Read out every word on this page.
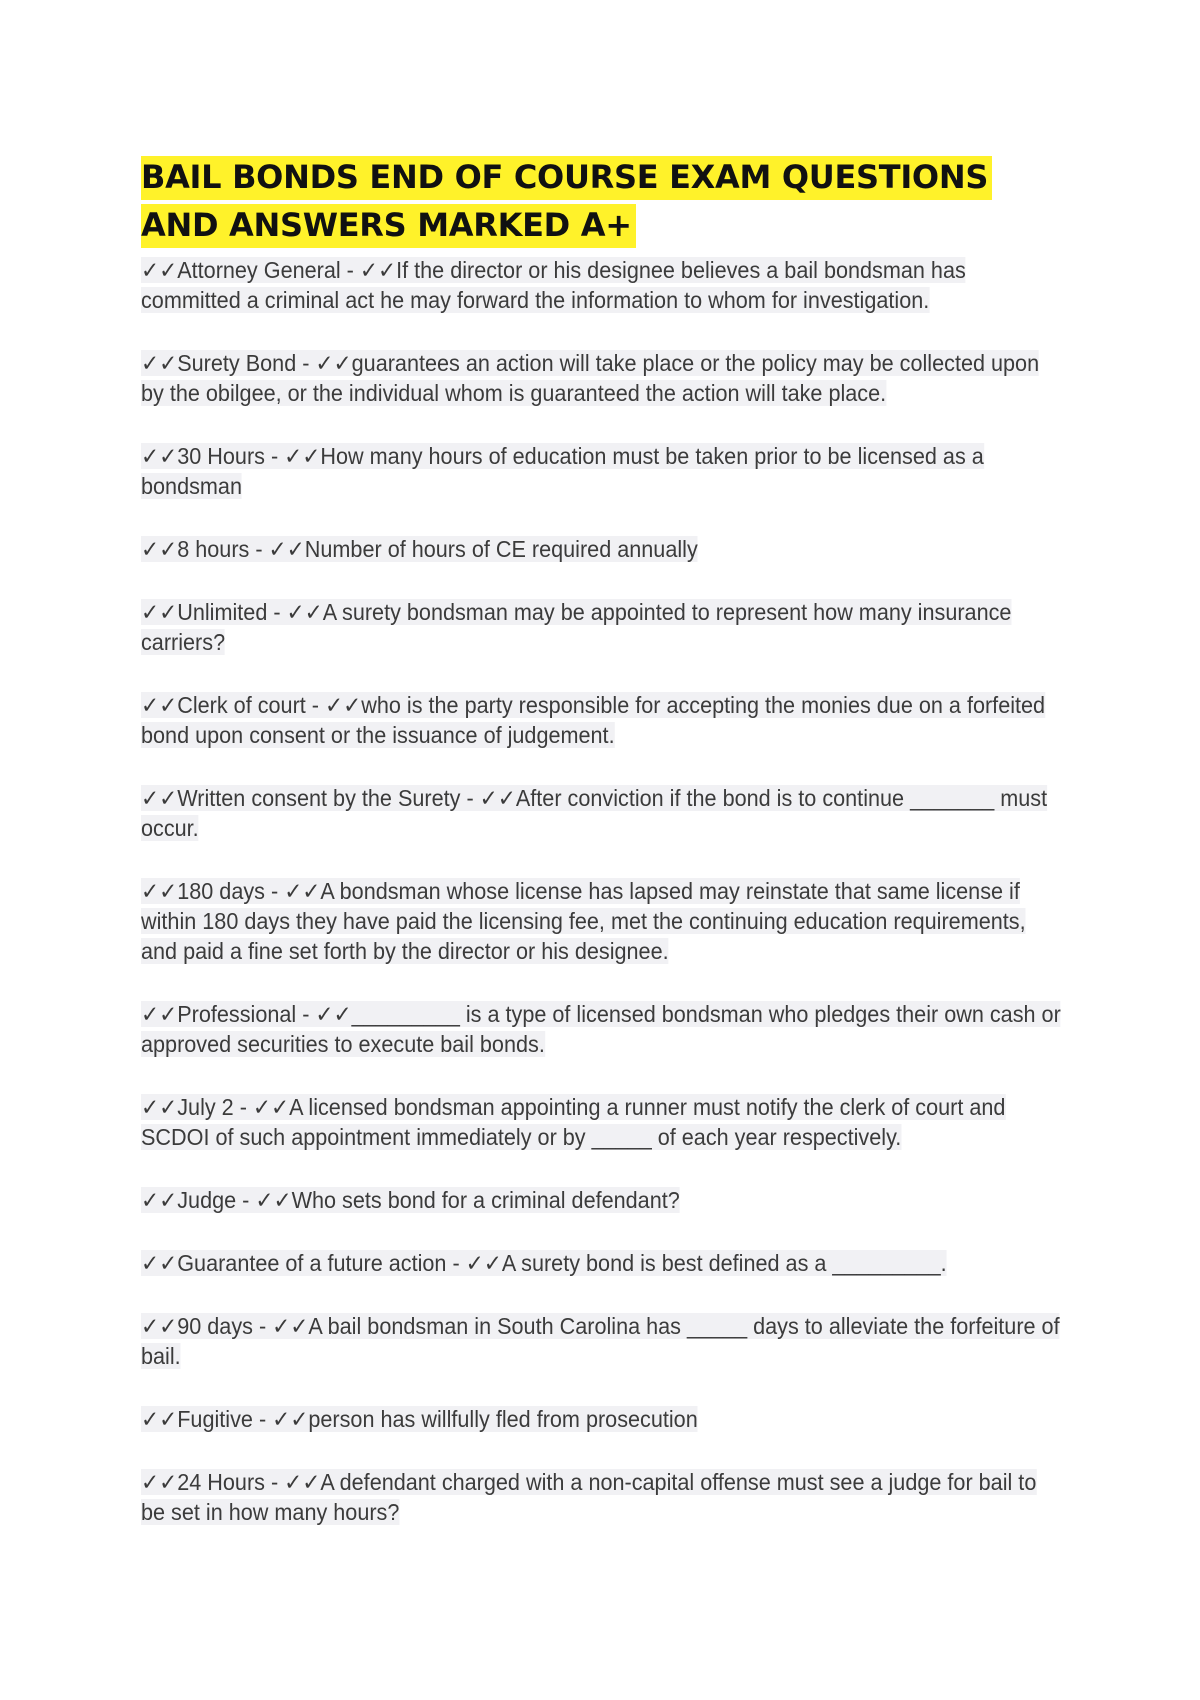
BAIL BONDS END OF COURSE EXAM QUESTIONS AND ANSWERS MARKED A+
✓✓Attorney General - ✓✓If the director or his designee believes a bail bondsman has committed a criminal act he may forward the information to whom for investigation.
✓✓Surety Bond - ✓✓guarantees an action will take place or the policy may be collected upon by the obilgee, or the individual whom is guaranteed the action will take place.
✓✓30 Hours - ✓✓How many hours of education must be taken prior to be licensed as a bondsman
✓✓8 hours - ✓✓Number of hours of CE required annually
✓✓Unlimited - ✓✓A surety bondsman may be appointed to represent how many insurance carriers?
✓✓Clerk of court - ✓✓who is the party responsible for accepting the monies due on a forfeited bond upon consent or the issuance of judgement.
✓✓Written consent by the Surety - ✓✓After conviction if the bond is to continue _______ must occur.
✓✓180 days - ✓✓A bondsman whose license has lapsed may reinstate that same license if within 180 days they have paid the licensing fee, met the continuing education requirements, and paid a fine set forth by the director or his designee.
✓✓Professional - ✓✓_________ is a type of licensed bondsman who pledges their own cash or approved securities to execute bail bonds.
✓✓July 2 - ✓✓A licensed bondsman appointing a runner must notify the clerk of court and SCDOI of such appointment immediately or by _____ of each year respectively.
✓✓Judge - ✓✓Who sets bond for a criminal defendant?
✓✓Guarantee of a future action - ✓✓A surety bond is best defined as a _________.
✓✓90 days - ✓✓A bail bondsman in South Carolina has _____ days to alleviate the forfeiture of bail.
✓✓Fugitive - ✓✓person has willfully fled from prosecution
✓✓24 Hours - ✓✓A defendant charged with a non-capital offense must see a judge for bail to be set in how many hours?
